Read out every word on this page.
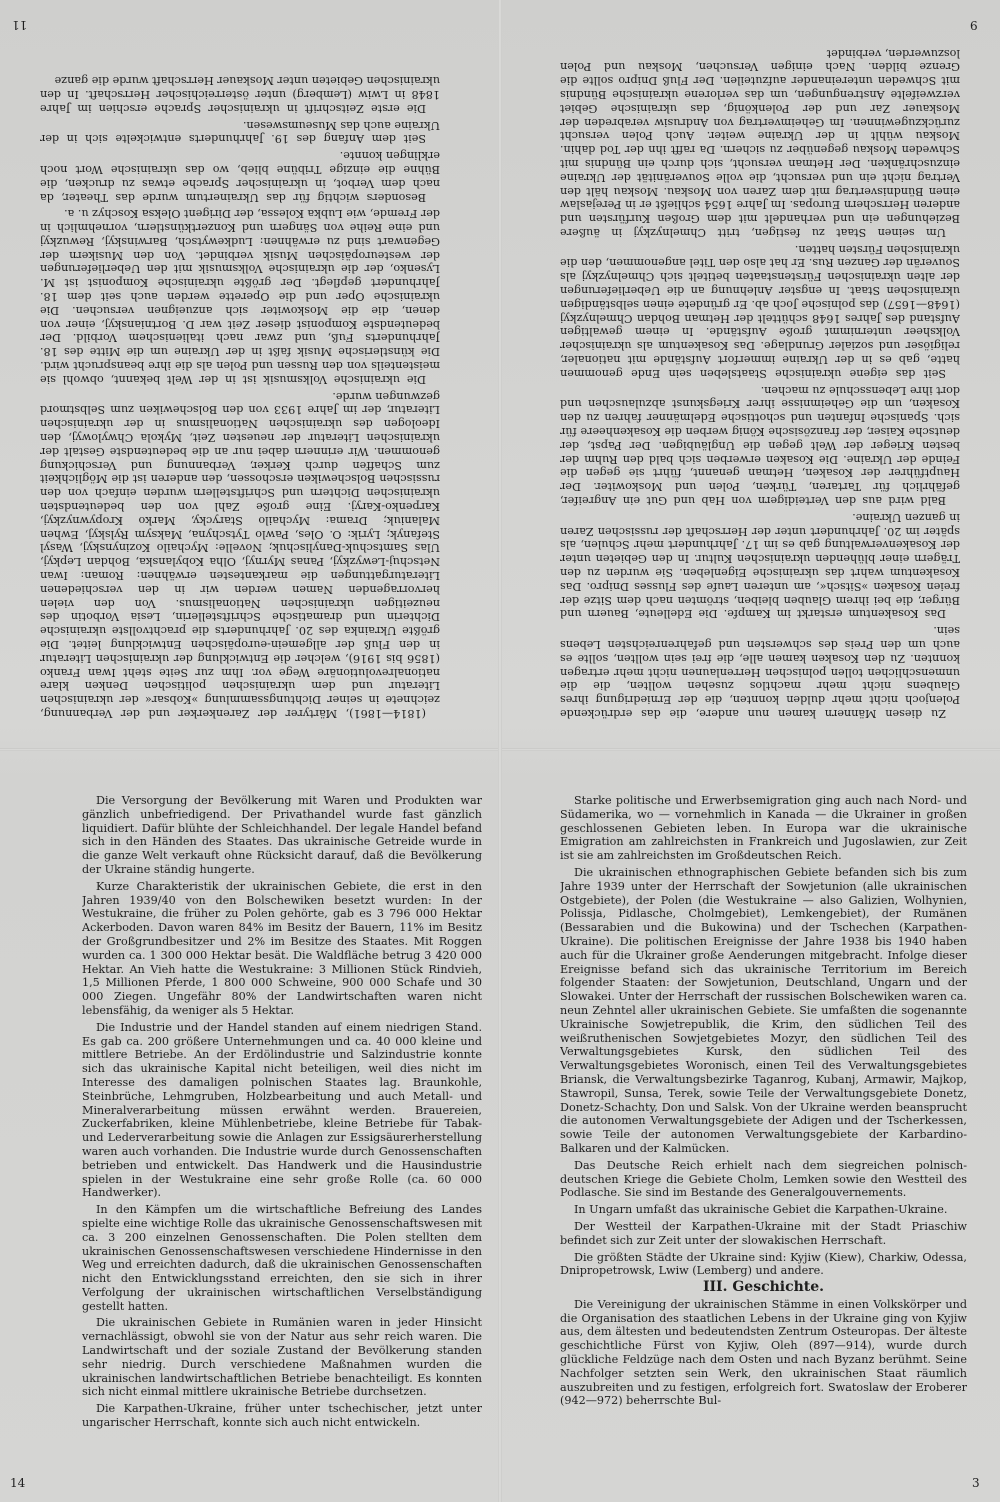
11	9
14	3

(1814—1861), Märtyrer der Zarenkerker und der Verbannung, zeichnete in seiner Dichtungssammlung »Kobsar« der ukrainischen Literatur und dem ukrainischen politischen Denken klare nationalrevolutionäre Wege vor. Ihm zur Seite steht Iwan Franko (1856 bis 1916), welcher die Entwicklung der ukrainischen Literatur in den Fluß der allgemein-europäischen Entwicklung leitet. Die größte Ukrainka des 20. Jahrhunderts die prachtvollste ukrainische Dichterin und dramatische Schriftstellerin, Lesia Vorbotin des neuzeitigen ukrainischen Nationalismus. Von den vielen hervorragenden Namen werden wir in den verschiedenen Literaturgattungen die markantesten erwähnen: Roman: Iwan Netschuj-Lewyzkyj, Panas Myrnyj, Olha Kobylanska, Bohdan Lepkyj, Ulas Samtschuk-Danylischuk; Novelle: Mychailo Kozinynskyj, Wasyl Stefanyk; Lyrik: O. Oles, Pawlo Tytschyna, Maksym Rylskyj, Ewhen Malaniuk; Drama: Mychailo Starycky, Marko Kropywnyzkyj, Karpenko-Karyj. Eine große Zahl von den bedeutendsten ukrainischen Dichtern und Schriftstellern wurden einfach von den russischen Bolschewiken erschossen, den anderen ist die Möglichkeit zum Schaffen durch Kerker, Verbannung und Verschickung genommen. Wir erinnern dabei nur an die bedeutendste Gestalt der ukrainischen Literatur der neuesten Zeit, Mykola Chwylowyj, den Ideologen des ukrainischen Nationalismus in der ukrainischen Literatur, der im Jahre 1933 von den Bolschewiken zum Selbstmord gezwungen wurde.

Die ukrainische Volksmusik ist in der Welt bekannt, obwohl sie meistenteils von den Russen und Polen als die ihre beansprucht wird. Die künstlerische Musik faßt in der Ukraine um die Mitte des 18. Jahrhunderts Fuß, und zwar nach italienischem Vorbild. Der bedeutendste Komponist dieser Zeit war D. Bortnianskyj, einer von denen, die die Moskowiter sich anzueignen versuchen. Die ukrainische Oper und die Operette werden auch seit dem 18. Jahrhundert gepflegt. Der größte ukrainische Komponist ist M. Lysenko, der die ukrainische Volksmusik mit den Ueberlieferungen der westeuropäischen Musik verbindet. Von den Musikern der Gegenwart sind zu erwähnen: Ludkewytsch, Barwinskyj, Rewuzkyj und eine Reihe von Sängern und Konzertkünstlern, vornehmlich in der Fremde, wie Lubka Kolessa, der Dirigent Oleksa Koschyz u. a.

Besonders wichtig für das Ukrainertum wurde das Theater, da nach dem Verbot, in ukrainischer Sprache etwas zu drucken, die Bühne die einzige Tribüne blieb, wo das ukrainische Wort noch erklingen konnte.

Seit dem Anfang des 19. Jahrhunderts entwickelte sich in der Ukraine auch das Museumswesen.

Die erste Zeitschrift in ukrainischer Sprache erschien im Jahre 1848 in Lwiw (Lemberg) unter österreichischer Herrschaft. In den ukrainischen Gebieten unter Moskauer Herrschaft wurde die ganze

Zu diesen Männern kamen nun andere, die das erdrückende Polenjoch nicht mehr dulden konnten, die der Erniedrigung ihres Glaubens nicht mehr machtlos zusehen wollten, die die unmenschlichen tollen polnischen Herrenlaunen nicht mehr ertragen konnten. Zu den Kosaken kamen alle, die frei sein wollten, sollte es auch um den Preis des schwersten und gefahrenreichsten Lebens sein.

Das Kosakentum erstarkt im Kampfe. Die Edelleute, Bauern und Bürger, die bei ihrem Glauben bleiben, strömten nach dem Sitze der freien Kosaken »Sitsch«, am unteren Laufe des Flusses Dnipro. Das Kosakentum wahrt das ukrainische Eigenleben. Sie wurden zu den Trägern einer blühenden ukrainischen Kultur. In den Gebieten unter der Kosakenverwaltung gab es im 17. Jahrhundert mehr Schulen, als später im 20. Jahrhundert unter der Herrschaft der russischen Zaren in ganzen Ukraine.

Bald wird aus den Verteidigern von Hab und Gut ein Angreifer, gefährlich für Tartaren, Türken, Polen und Moskowiter. Der Hauptführer der Kosaken, Hetman genannt, führt sie gegen die Feinde der Ukraine. Die Kosaken erwerben sich bald den Ruhm der besten Krieger der Welt gegen die Ungläubigen. Der Papst, der deutsche Kaiser, der französische König werben die Kosakenheere für sich. Spanische Infanten und schottische Edelmänner fahren zu den Kosaken, um die Geheimnisse ihrer Kriegskunst abzulauschen und dort ihre Lebensschule zu machen.

Seit das eigene ukrainische Staatsleben sein Ende genommen hatte, gab es in der Ukraine immerfort Aufstände mit nationaler, religiöser und sozialer Grundlage. Das Kosakentum als ukrainischer Volksheer unternimmt große Aufstände. In einem gewaltigen Aufstand des Jahres 1648 schüttelt der Hetman Bohdan Chmelnyzkyj (1648—1657) das polnische Joch ab. Er gründete einen selbständigen ukrainischen Staat. In engster Anlehnung an die Ueberlieferungen der alten ukrainischen Fürstenstaaten betitelt sich Chmelnyzkyj als Souverän der Ganzen Rus. Er hat also den Titel angenommen, den die ukrainischen Fürsten hatten.

Um seinen Staat zu festigen, tritt Chmelnyzkyj in äußere Beziehungen ein und verhandelt mit dem Großen Kurfürsten und anderen Herrschern Europas. Im Jahre 1654 schließt er in Perejaslaw einen Bündnisvertrag mit dem Zaren von Moskau. Moskau hält den Vertrag nicht ein und versucht, die volle Souveränität der Ukraine einzuschränken. Der Hetman versucht, sich durch ein Bündnis mit Schweden Moskau gegenüber zu sichern. Da rafft ihn der Tod dahin. Moskau wühlt in der Ukraine weiter. Auch Polen versucht zurückzugewinnen. Im Geheimvertrag von Andrusiw verabreden der Moskauer Zar und der Polenkönig, das ukrainische Gebiet verzweifelte Anstrengungen, um das verlorene ukrainische Bündnis mit Schweden untereinander aufzuteilen. Der Fluß Dnipro sollte die Grenze bilden. Nach einigen Versuchen, Moskau und Polen loszuwerden, verbindet

Die Versorgung der Bevölkerung mit Waren und Produkten war gänzlich unbefriedigend. Der Privathandel wurde fast gänzlich liquidiert. Dafür blühte der Schleichhandel. Der legale Handel befand sich in den Händen des Staates. Das ukrainische Getreide wurde in die ganze Welt verkauft ohne Rücksicht darauf, daß die Bevölkerung der Ukraine ständig hungerte.

Kurze Charakteristik der ukrainischen Gebiete, die erst in den Jahren 1939/40 von den Bolschewiken besetzt wurden: In der Westukraine, die früher zu Polen gehörte, gab es 3 796 000 Hektar Ackerboden. Davon waren 84% im Besitz der Bauern, 11% im Besitz der Großgrundbesitzer und 2% im Besitze des Staates. Mit Roggen wurden ca. 1 300 000 Hektar besät. Die Waldfläche betrug 3 420 000 Hektar. An Vieh hatte die Westukraine: 3 Millionen Stück Rindvieh, 1,5 Millionen Pferde, 1 800 000 Schweine, 900 000 Schafe und 30 000 Ziegen. Ungefähr 80% der Landwirtschaften waren nicht lebensfähig, da weniger als 5 Hektar.

Die Industrie und der Handel standen auf einem niedrigen Stand. Es gab ca. 200 größere Unternehmungen und ca. 40 000 kleine und mittlere Betriebe. An der Erdölindustrie und Salzindustrie konnte sich das ukrainische Kapital nicht beteiligen, weil dies nicht im Interesse des damaligen polnischen Staates lag. Braunkohle, Steinbrüche, Lehmgruben, Holzbearbeitung und auch Metall- und Mineralverarbeitung müssen erwähnt werden. Brauereien, Zuckerfabriken, kleine Mühlenbetriebe, kleine Betriebe für Tabak- und Lederverarbeitung sowie die Anlagen zur Essigsäurerherstellung waren auch vorhanden. Die Industrie wurde durch Genossenschaften betrieben und entwickelt. Das Handwerk und die Hausindustrie spielen in der Westukraine eine sehr große Rolle (ca. 60 000 Handwerker).

In den Kämpfen um die wirtschaftliche Befreiung des Landes spielte eine wichtige Rolle das ukrainische Genossenschaftswesen mit ca. 3 200 einzelnen Genossenschaften. Die Polen stellten dem ukrainischen Genossenschaftswesen verschiedene Hindernisse in den Weg und erreichten dadurch, daß die ukrainischen Genossenschaften nicht den Entwicklungsstand erreichten, den sie sich in ihrer Verfolgung der ukrainischen wirtschaftlichen Verselbständigung gestellt hatten.

Die ukrainischen Gebiete in Rumänien waren in jeder Hinsicht vernachlässigt, obwohl sie von der Natur aus sehr reich waren. Die Landwirtschaft und der soziale Zustand der Bevölkerung standen sehr niedrig. Durch verschiedene Maßnahmen wurden die ukrainischen landwirtschaftlichen Betriebe benachteiligt. Es konnten sich nicht einmal mittlere ukrainische Betriebe durchsetzen.

Die Karpathen-Ukraine, früher unter tschechischer, jetzt unter ungarischer Herrschaft, konnte sich auch nicht entwickeln.

Starke politische und Erwerbsemigration ging auch nach Nord- und Südamerika, wo — vornehmlich in Kanada — die Ukrainer in großen geschlossenen Gebieten leben. In Europa war die ukrainische Emigration am zahlreichsten in Frankreich und Jugoslawien, zur Zeit ist sie am zahlreichsten im Großdeutschen Reich.

Die ukrainischen ethnographischen Gebiete befanden sich bis zum Jahre 1939 unter der Herrschaft der Sowjetunion (alle ukrainischen Ostgebiete), der Polen (die Westukraine — also Galizien, Wolhynien, Polissja, Pidlasche, Cholmgebiet), Lemkengebiet), der Rumänen (Bessarabien und die Bukowina) und der Tschechen (Karpathen-Ukraine). Die politischen Ereignisse der Jahre 1938 bis 1940 haben auch für die Ukrainer große Aenderungen mitgebracht. Infolge dieser Ereignisse befand sich das ukrainische Territorium im Bereich folgender Staaten: der Sowjetunion, Deutschland, Ungarn und der Slowakei. Unter der Herrschaft der russischen Bolschewiken waren ca. neun Zehntel aller ukrainischen Gebiete. Sie umfaßten die sogenannte Ukrainische Sowjetrepublik, die Krim, den südlichen Teil des weißruthenischen Sowjetgebietes Mozyr, den südlichen Teil des Verwaltungsgebietes Kursk, den südlichen Teil des Verwaltungsgebietes Woronisch, einen Teil des Verwaltungsgebietes Briansk, die Verwaltungsbezirke Taganrog, Kubanj, Armawir, Majkop, Stawropil, Sunsa, Terek, sowie Teile der Verwaltungsgebiete Donetz, Donetz-Schachty, Don und Salsk. Von der Ukraine werden beansprucht die autonomen Verwaltungsgebiete der Adigen und der Tscherkessen, sowie Teile der autonomen Verwaltungsgebiete der Karbardino-Balkaren und der Kalmücken.

Das Deutsche Reich erhielt nach dem siegreichen polnisch-deutschen Kriege die Gebiete Cholm, Lemken sowie den Westteil des Podlasche. Sie sind im Bestande des Generalgouvernements.

In Ungarn umfaßt das ukrainische Gebiet die Karpathen-Ukraine.

Der Westteil der Karpathen-Ukraine mit der Stadt Priaschiw befindet sich zur Zeit unter der slowakischen Herrschaft.

Die größten Städte der Ukraine sind: Kyjiw (Kiew), Charkiw, Odessa, Dnipropetrowsk, Lwiw (Lemberg) und andere.

III. Geschichte.

Die Vereinigung der ukrainischen Stämme in einen Volkskörper und die Organisation des staatlichen Lebens in der Ukraine ging von Kyjiw aus, dem ältesten und bedeutendsten Zentrum Osteuropas. Der älteste geschichtliche Fürst von Kyjiw, Oleh (897—914), wurde durch glückliche Feldzüge nach dem Osten und nach Byzanz berühmt. Seine Nachfolger setzten sein Werk, den ukrainischen Staat räumlich auszubreiten und zu festigen, erfolgreich fort. Swatoslaw der Eroberer (942—972) beherrschte Bul-
